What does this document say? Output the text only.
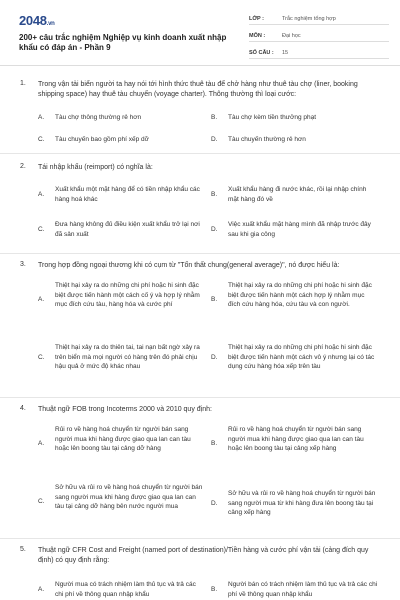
2048.vn
200+ câu trắc nghiệm Nghiệp vụ kinh doanh xuất nhập khẩu có đáp án - Phần 9
LỚP :	Trắc nghiệm tổng hợp
MÔN :	Đại học
SỐ CÂU :	15
1. Trong vận tải biển người ta hay nói tới hình thức thuê tàu để chở hàng như thuê tàu chợ (liner, booking shipping space) hay thuê tàu chuyến (voyage charter). Thông thường thì loại cước:
A. Tàu chợ thông thường rẻ hơn	B. Tàu chợ kèm tiền thưởng phạt
C. Tàu chuyến bao gồm phí xếp dỡ	D. Tàu chuyến thường rẻ hơn
2. Tái nhập khẩu (reimport) có nghĩa là:
A.
Xuất khẩu một mặt hàng để có tiền nhập khẩu các hàng hoá khác
B.
Xuất khẩu hàng đi nước khác, rồi lại nhập chính mặt hàng đó về
C.
Đưa hàng không đủ điều kiện xuất khẩu trở lại nơi đã sản xuất
D.
Việc xuất khẩu mặt hàng mình đã nhập trước đây sau khi gia công
3. Trong hợp đồng ngoại thương khi có cụm từ "Tổn thất chung(general average)", nó được hiểu là:
A.
Thiệt hại xảy ra do những chi phí hoặc hi sinh đặc biệt được tiến hành một cách cố ý và hợp lý nhằm mục đích cứu tàu, hàng hóa và cước phí
B.
Thiệt hại xảy ra do những chi phí hoặc hi sinh đặc biệt được tiến hành một cách hợp lý nhằm mục đích cứu hàng hóa, cứu tàu và con người.
C.
Thiệt hại xảy ra do thiên tai, tai nạn bất ngờ xảy ra trên biển mà mọi người có hàng trên đó phải chịu hậu quả ở mức độ khác nhau
D.
Thiệt hại xảy ra do những chi phí hoặc hi sinh đặc biệt được tiến hành một cách vô ý nhưng lại có tác dụng cứu hàng hóa xếp trên tàu
4. Thuật ngữ FOB trong Incoterms 2000 và 2010 quy định:
A.
Rủi ro về hàng hoá chuyển từ người bán sang người mua khi hàng được giao qua lan can tàu hoặc lên boong tàu tại cảng dỡ hàng
B.
Rủi ro về hàng hoá chuyển từ người bán sang người mua khi hàng được giao qua lan can tàu hoặc lên boong tàu tại cảng xếp hàng
C.
Sở hữu và rủi ro về hàng hoá chuyển từ người bán sang người mua khi hàng được giao qua lan can tàu tại cảng dỡ hàng bên nước người mua	D.
Sở hữu và rủi ro về hàng hoá chuyển từ người bán sang người mua từ khi hàng đưa lên boong tàu tại cảng xếp hàng
5. Thuật ngữ CFR Cost and Freight (named port of destination)/Tiền hàng và cước phí vận tải (cảng đích quy định) có quy định rằng:
A.
Người mua có trách nhiệm làm thủ tục và trả các chi phí về thông quan nhập khẩu
B.
Người bán có trách nhiệm làm thủ tục và trả các chi phí về thông quan nhập khẩu
